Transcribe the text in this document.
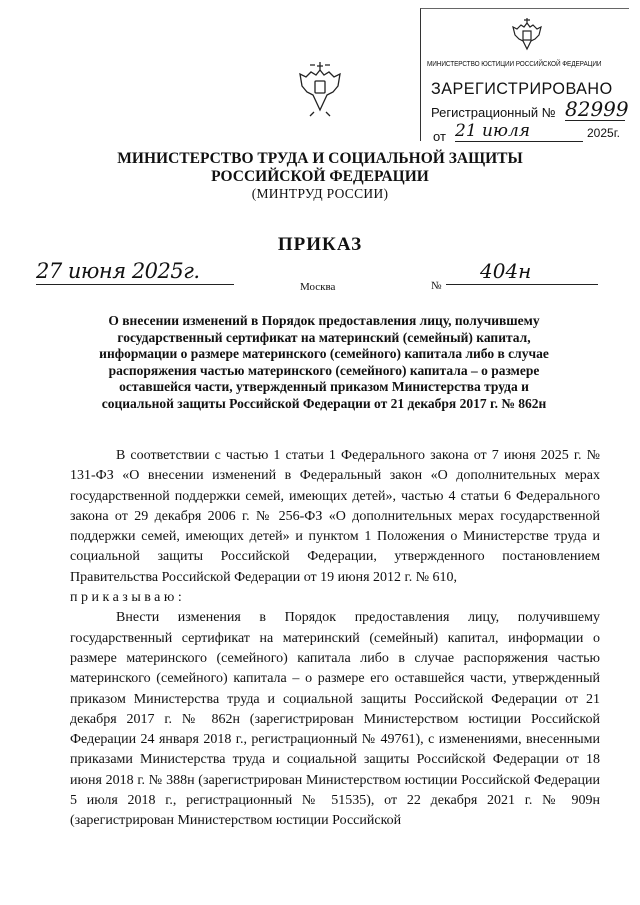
МИНИСТЕРСТВО ЮСТИЦИИ РОССИЙСКОЙ ФЕДЕРАЦИИ
ЗАРЕГИСТРИРОВАНО
Регистрационный № 82999
от 21 июля	2025г.
МИНИСТЕРСТВО ТРУДА И СОЦИАЛЬНОЙ ЗАЩИТЫ РОССИЙСКОЙ ФЕДЕРАЦИИ
(МИНТРУД РОССИИ)
ПРИКАЗ
27 июня 2025г.
Москва	№
404н
О внесении изменений в Порядок предоставления лицу, получившему государственный сертификат на материнский (семейный) капитал, информации о размере материнского (семейного) капитала либо в случае распоряжения частью материнского (семейного) капитала – о размере оставшейся части, утвержденный приказом Министерства труда и социальной защиты Российской Федерации от 21 декабря 2017 г. № 862н

В соответствии с частью 1 статьи 1 Федерального закона от 7 июня 2025 г. № 131-ФЗ «О внесении изменений в Федеральный закон «О дополнительных мерах государственной поддержки семей, имеющих детей», частью 4 статьи 6 Федерального закона от 29 декабря 2006 г. № 256-ФЗ «О дополнительных мерах государственной поддержки семей, имеющих детей» и пунктом 1 Положения о Министерстве труда и социальной защиты Российской Федерации, утвержденного постановлением Правительства Российской Федерации от 19 июня 2012 г. № 610,

приказываю:

Внести изменения в Порядок предоставления лицу, получившему государственный сертификат на материнский (семейный) капитал, информации о размере материнского (семейного) капитала либо в случае распоряжения частью материнского (семейного) капитала – о размере его оставшейся части, утвержденный приказом Министерства труда и социальной защиты Российской Федерации от 21 декабря 2017 г. № 862н (зарегистрирован Министерством юстиции Российской Федерации 24 января 2018 г., регистрационный № 49761), с изменениями, внесенными приказами Министерства труда и социальной защиты Российской Федерации от 18 июня 2018 г. № 388н (зарегистрирован Министерством юстиции Российской Федерации 5 июля 2018 г., регистрационный № 51535), от 22 декабря 2021 г. № 909н (зарегистрирован Министерством юстиции Российской
